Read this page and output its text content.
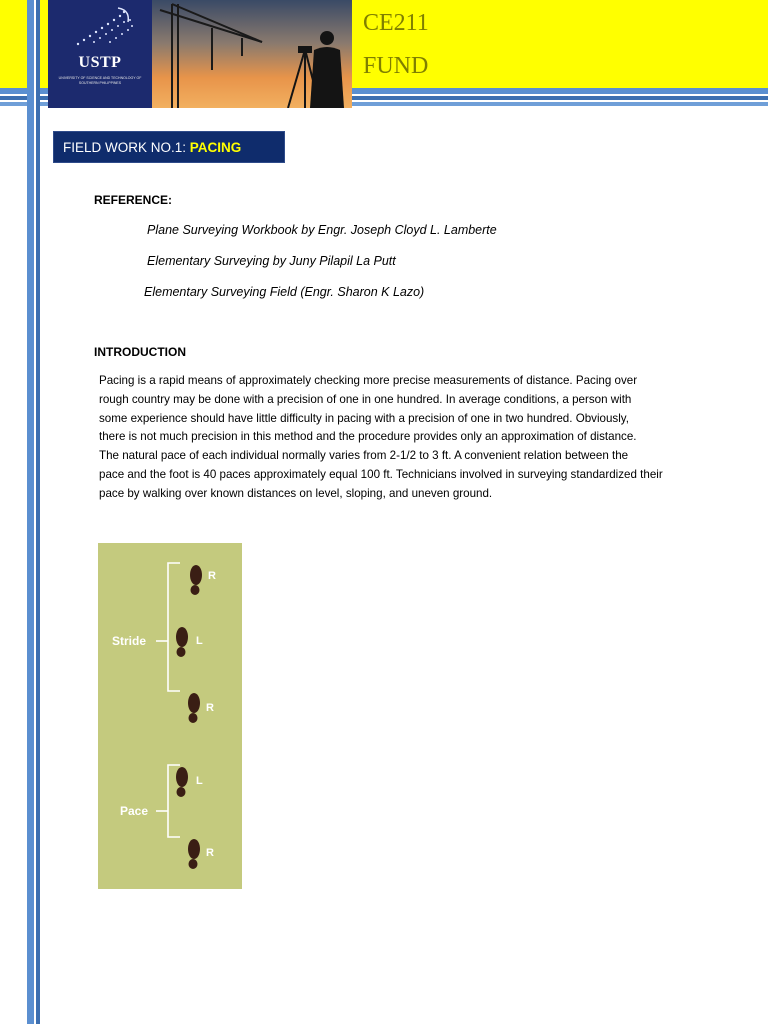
USTP
UNIVERSITY OF SCIENCE AND TECHNOLOGY OF SOUTHERN PHILIPPINES
CE211
FUND
FIELD WORK NO.1: PACING
REFERENCE:
Plane Surveying Workbook by Engr. Joseph Cloyd L. Lamberte
Elementary Surveying by Juny Pilapil La Putt
Elementary Surveying Field (Engr. Sharon K Lazo)
INTRODUCTION
Pacing is a rapid means of approximately checking more precise measurements of distance. Pacing over
rough country may be done with a precision of one in one hundred. In average conditions, a person with
some experience should have little difficulty in pacing with a precision of one in two hundred. Obviously,
there is not much precision in this method and the procedure provides only an approximation of distance.
The natural pace of each individual normally varies from 2-1/2 to 3 ft. A convenient relation between the
pace and the foot is 40 paces approximately equal 100 ft. Technicians involved in surveying standardized their
pace by walking over known distances on level, sloping, and uneven ground.
Stride
Pace
R
L
R
L
R
